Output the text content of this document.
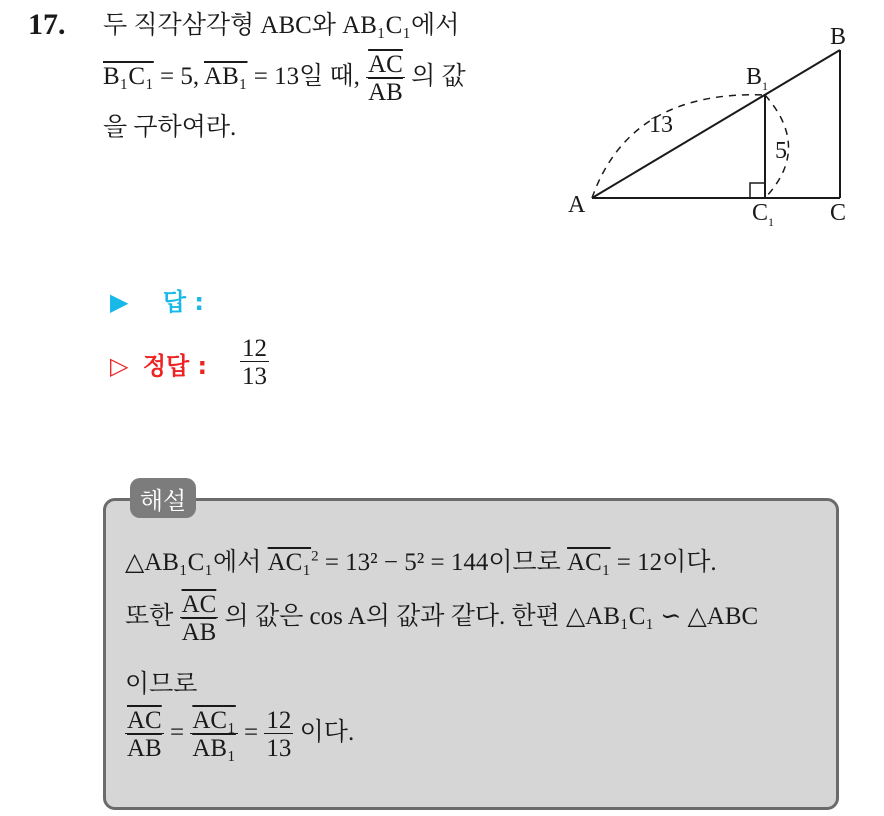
17. 두 직각삼각형 ABC와 AB₁C₁에서
B₁C₁ = 5, AB₁ = 13일 때, $\frac{\overline{AC}}{AB}$ 의 값
을 구하여라.
A
B
$B_1$
C
$C_1$
13
5
▶ 답 :
▷ 정답 : $\frac{12}{13}$
해설
△AB₁C₁에서 AC₁$^2$ = 13² − 5² = 144이므로 AC₁ = 12이다.
또한 $\frac{\overline{AC}}{AB}$ 의 값은 cos A의 값과 같다. 한편 △AB₁C₁ ∽ △ABC
이므로
$\frac{\overline{AC}}{AB} = \frac{\text{AC₁}}{\text{AB₁}} = \frac{12}{13}$ 이다.
